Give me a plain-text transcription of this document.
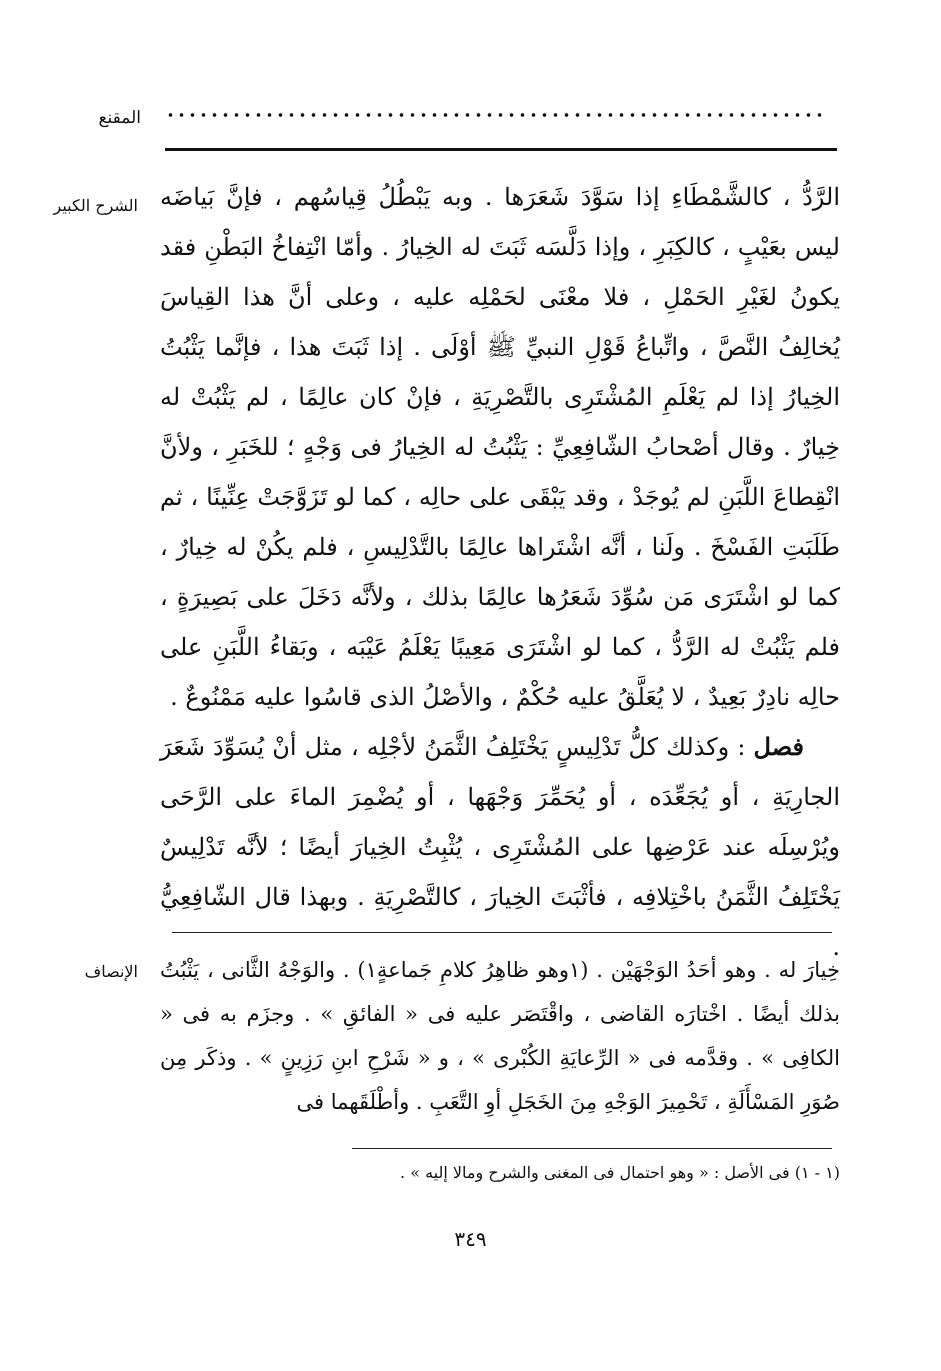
المقنع
الشرح الكبير الرَّدُّ ، كالشَّمْطَاءِ إذا سَوَّدَ شَعَرَها . وبه يَبْطُلُ قِياسُهم ، فإنَّ بَياضَه ليس بعَيْبٍ ، كالكِبَرِ ، وإذا دَلَّسَه ثَبَتَ له الخِيارُ . وأمّا انْتِفاخُ البَطْنِ فقد يكونُ لغَيْرِ الحَمْلِ ، فلا معْنَى لحَمْلِه عليه ، وعلى أنَّ هذا القِياسَ يُخالِفُ النَّصَّ ، واتِّباعُ قَوْلِ النبيِّ ﷺ أوْلَى . إذا ثَبَتَ هذا ، فإنَّما يَثْبُتُ الخِيارُ إذا لم يَعْلَمِ المُشْتَرِى بالتَّصْرِيَةِ ، فإنْ كان عالِمًا ، لم يَثْبُتْ له خِيارٌ . وقال أصْحابُ الشّافِعِيِّ : يَثْبُتُ له الخِيارُ فى وَجْهٍ ؛ للخَبَرِ ، ولأنَّ انْقِطاعَ اللَّبَنِ لم يُوجَدْ ، وقد يَبْقَى على حالِه ، كما لو تَزَوَّجَتْ عِنِّينًا ، ثم طَلَبَتِ الفَسْخَ . ولَنا ، أنَّه اشْتَراها عالِمًا بالتَّدْلِيسِ ، فلم يكُنْ له خِيارٌ ، كما لو اشْتَرَى مَن سُوِّدَ شَعَرُها عالِمًا بذلك ، ولأنَّه دَخَلَ على بَصِيرَةٍ ، فلم يَثْبُتْ له الرَّدُّ ، كما لو اشْتَرَى مَعِيبًا يَعْلَمُ عَيْبَه ، وبَقاءُ اللَّبَنِ على حالِه نادِرٌ بَعِيدٌ ، لا يُعَلَّقُ عليه حُكْمٌ ، والأصْلُ الذى قاسُوا عليه مَمْنُوعٌ .

فصل : وكذلك كلُّ تَدْلِيسٍ يَخْتَلِفُ الثَّمَنُ لأجْلِه ، مثل أنْ يُسَوِّدَ شَعَرَ الجارِيَةِ ، أو يُجَعِّدَه ، أو يُحَمِّرَ وَجْهَها ، أو يُضْمِرَ الماءَ على الرَّحَى ويُرْسِلَه عند عَرْضِها على المُشْتَرِى ، يُثْبِتُ الخِيارَ أيضًا ؛ لأنَّه تَدْلِيسٌ يَخْتَلِفُ الثَّمَنُ باخْتِلافِه ، فأثْبَتَ الخِيارَ ، كالتَّصْرِيَةِ . وبهذا قال الشّافِعِيُّ .

الإنصاف خِيارَ له . وهو أحَدُ الوَجْهَيْن . (١وهو ظاهِرُ كلامِ جَماعةٍ١) . والوَجْهُ الثَّانى ، يَثْبُتُ بذلك أيضًا . اخْتارَه القاضى ، واقْتَصَر عليه فى « الفائقِ » . وجزَم به فى « الكافِى » . وقدَّمه فى « الرِّعايَةِ الكُبْرى » ، و « شَرْحِ ابنِ رَزِينٍ » . وذكَر مِن صُوَرِ المَسْأَلَةِ ، تَحْمِيرَ الوَجْهِ مِنَ الخَجَلِ أوِ التَّعَبِ . وأطْلَقَهما فى

(١ - ١) فى الأصل : « وهو احتمال فى المغنى والشرح ومالا إليه » .
٣٤٩
